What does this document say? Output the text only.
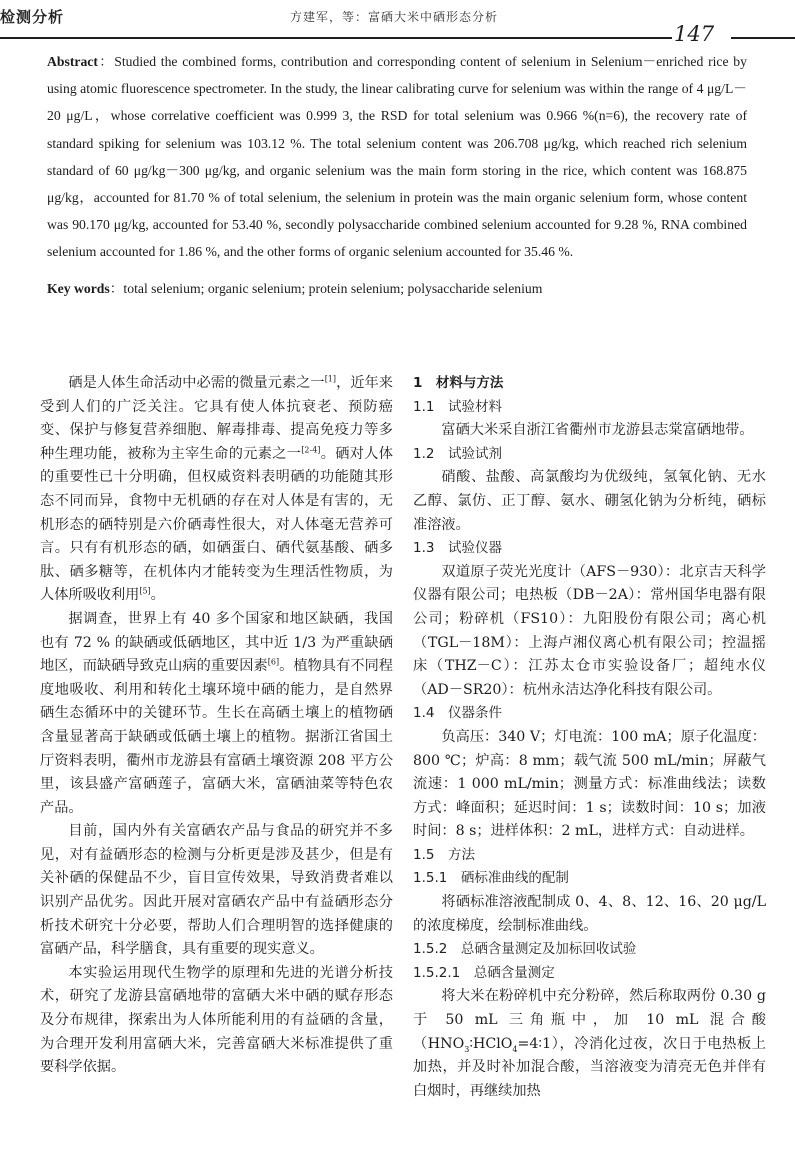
检测分析	方建军，等：富硒大米中硒形态分析
147
Abstract：Studied the combined forms, contribution and corresponding content of selenium in Selenium－enriched rice by using atomic fluorescence spectrometer. In the study, the linear calibrating curve for selenium was within the range of 4 μg/L－20 μg/L，whose correlative coefficient was 0.999 3, the RSD for total selenium was 0.966 %(n=6), the recovery rate of standard spiking for selenium was 103.12 %. The total selenium content was 206.708 μg/kg, which reached rich selenium standard of 60 μg/kg－300 μg/kg, and organic selenium was the main form storing in the rice, which content was 168.875 μg/kg，accounted for 81.70 % of total selenium, the selenium in protein was the main organic selenium form, whose content was 90.170 μg/kg, accounted for 53.40 %, secondly polysaccharide combined selenium accounted for 9.28 %, RNA combined selenium accounted for 1.86 %, and the other forms of organic selenium accounted for 35.46 %.
Key words：total selenium; organic selenium; protein selenium; polysaccharide selenium

硒是人体生命活动中必需的微量元素之一[1]，近年来受到人们的广泛关注。它具有使人体抗衰老、预防癌变、保护与修复营养细胞、解毒排毒、提高免疫力等多种生理功能，被称为主宰生命的元素之一[2-4]。硒对人体的重要性已十分明确，但权威资料表明硒的功能随其形态不同而异，食物中无机硒的存在对人体是有害的，无机形态的硒特别是六价硒毒性很大，对人体毫无营养可言。只有有机形态的硒，如硒蛋白、硒代氨基酸、硒多肽、硒多糖等，在机体内才能转变为生理活性物质，为人体所吸收利用[5]。

据调查，世界上有 40 多个国家和地区缺硒，我国也有 72 % 的缺硒或低硒地区，其中近 1/3 为严重缺硒地区，而缺硒导致克山病的重要因素[6]。植物具有不同程度地吸收、利用和转化土壤环境中硒的能力，是自然界硒生态循环中的关键环节。生长在高硒土壤上的植物硒含量显著高于缺硒或低硒土壤上的植物。据浙江省国土厅资料表明，衢州市龙游县有富硒土壤资源 208 平方公里，该县盛产富硒莲子，富硒大米，富硒油菜等特色农产品。

目前，国内外有关富硒农产品与食品的研究并不多见，对有益硒形态的检测与分析更是涉及甚少，但是有关补硒的保健品不少，盲目宣传效果，导致消费者难以识别产品优劣。因此开展对富硒农产品中有益硒形态分析技术研究十分必要，帮助人们合理明智的选择健康的富硒产品，科学膳食，具有重要的现实意义。

本实验运用现代生物学的原理和先进的光谱分析技术，研究了龙游县富硒地带的富硒大米中硒的赋存形态及分布规律，探索出为人体所能利用的有益硒的含量，为合理开发利用富硒大米，完善富硒大米标准提供了重要科学依据。

1　材料与方法

1.1　试验材料

富硒大米采自浙江省衢州市龙游县志棠富硒地带。

1.2　试验试剂

硝酸、盐酸、高氯酸均为优级纯，氢氧化钠、无水乙醇、氯仿、正丁醇、氨水、硼氢化钠为分析纯，硒标准溶液。

1.3　试验仪器

双道原子荧光光度计（AFS－930）：北京吉天科学仪器有限公司；电热板（DB－2A）：常州国华电器有限公司；粉碎机（FS10）：九阳股份有限公司；离心机（TGL－18M）：上海卢湘仪离心机有限公司；控温摇床（THZ－C）：江苏太仓市实验设备厂；超纯水仪（AD－SR20）：杭州永洁达净化科技有限公司。

1.4　仪器条件

负高压：340 V；灯电流：100 mA；原子化温度：800 ℃；炉高：8 mm；载气流 500 mL/min；屏蔽气流速：1 000 mL/min；测量方式：标准曲线法；读数方式：峰面积；延迟时间：1 s；读数时间：10 s；加液时间：8 s；进样体积：2 mL，进样方式：自动进样。

1.5　方法

1.5.1　硒标准曲线的配制

将硒标准溶液配制成 0、4、8、12、16、20 μg/L 的浓度梯度，绘制标准曲线。

1.5.2　总硒含量测定及加标回收试验

1.5.2.1　总硒含量测定

将大米在粉碎机中充分粉碎，然后称取两份 0.30 g 于 50 mL 三角瓶中，加 10 mL 混合酸$(HNO_3∶HClO_4=4∶1)$，冷消化过夜，次日于电热板上加热，并及时补加混合酸，当溶液变为清亮无色并伴有白烟时，再继续加热
